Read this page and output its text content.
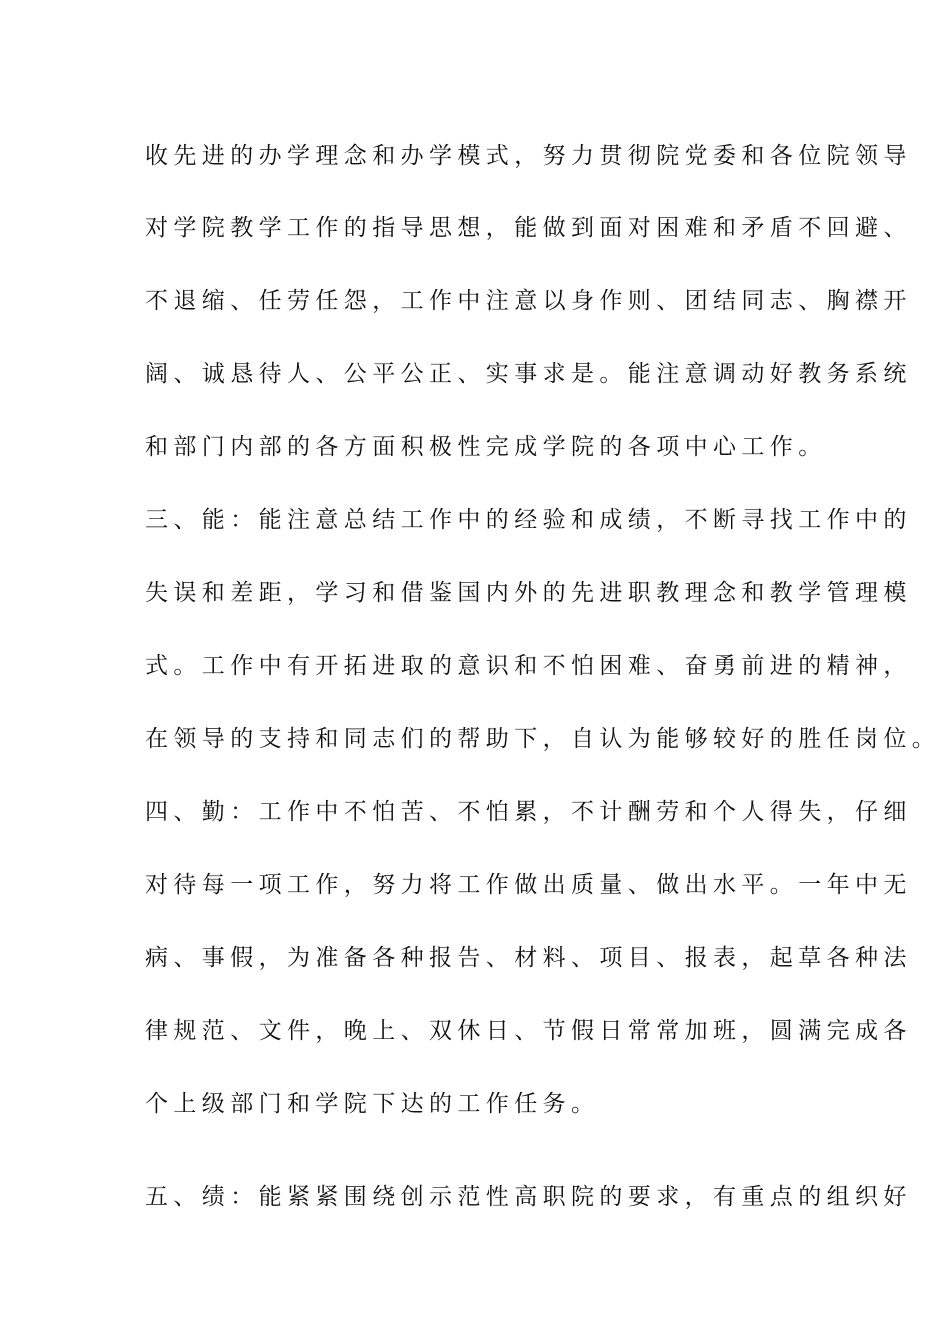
收先进的办学理念和办学模式，努力贯彻院党委和各位院领导
对学院教学工作的指导思想，能做到面对困难和矛盾不回避、
不退缩、任劳任怨，工作中注意以身作则、团结同志、胸襟开
阔、诚恳待人、公平公正、实事求是。能注意调动好教务系统
和部门内部的各方面积极性完成学院的各项中心工作。
三、能：能注意总结工作中的经验和成绩，不断寻找工作中的
失误和差距，学习和借鉴国内外的先进职教理念和教学管理模
式。工作中有开拓进取的意识和不怕困难、奋勇前进的精神，
在领导的支持和同志们的帮助下，自认为能够较好的胜任岗位。
四、勤：工作中不怕苦、不怕累，不计酬劳和个人得失，仔细
对待每一项工作，努力将工作做出质量、做出水平。一年中无
病、事假，为准备各种报告、材料、项目、报表，起草各种法
律规范、文件，晚上、双休日、节假日常常加班，圆满完成各
个上级部门和学院下达的工作任务。
五、绩：能紧紧围绕创示范性高职院的要求，有重点的组织好
